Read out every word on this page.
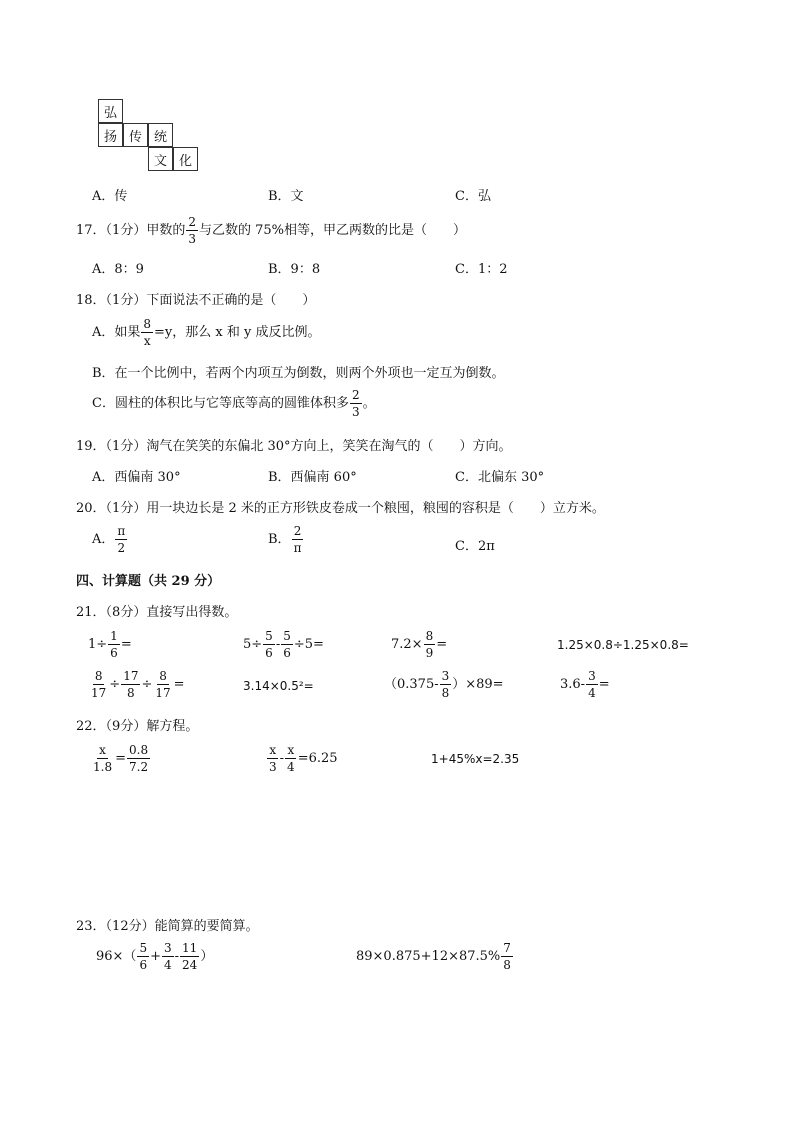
弘
扬 传 统
文 化
A．传	B．文	C．弘
17．（1分）甲数的 $\frac{2}{3}$ 与乙数的 75%相等，甲乙两数的比是（　　）
A．8：9	B．9：8	C．1：2
18．（1分）下面说法不正确的是（　　）
A．如果 $\frac{8}{x} =y$，那么 x 和 y 成反比例。
B．在一个比例中，若两个内项互为倒数，则两个外项也一定互为倒数。
C．圆柱的体积比与它等底等高的圆锥体积多 $\frac{2}{3}$ 。
19．（1分）淘气在笑笑的东偏北 30°方向上，笑笑在淘气的（　　）方向。
A．西偏南 30°	B．西偏南 60°	C．北偏东 30°
20．（1分）用一块边长是 2 米的正方形铁皮卷成一个粮囤，粮囤的容积是（　　）立方米。
A． $\frac{\pi}{2}$	B． $\frac{2}{\pi}$	C．2π
四、计算题（共 29 分）
21．（8分）直接写出得数。
$1\div \frac{1}{6}$ =	$5\div \frac{5}{6} - \frac{5}{6} \div 5=$	$7.2\times \frac{8}{9}$ =	1.25×0.8÷1.25×0.8=
$\frac{8}{17} \div \frac{17}{8} \div \frac{8}{17}$ =	3.14×0.5²=	$(0.375- \frac{3}{8} )\times 89=$	$3.6- \frac{3}{4}$ =
22．（9分）解方程。
$\frac{x}{1.8} = \frac{0.8}{7.2}$	$\frac{x}{3} - \frac{x}{4} =6.25$	1+45%x=2.35
23．（12分）能简算的要简算。
$96\times( \frac{5}{6} + \frac{3}{4} - \frac{11}{24}$ ）	$89\times 0.875+12\times 87.5\% \frac{7}{8}$
